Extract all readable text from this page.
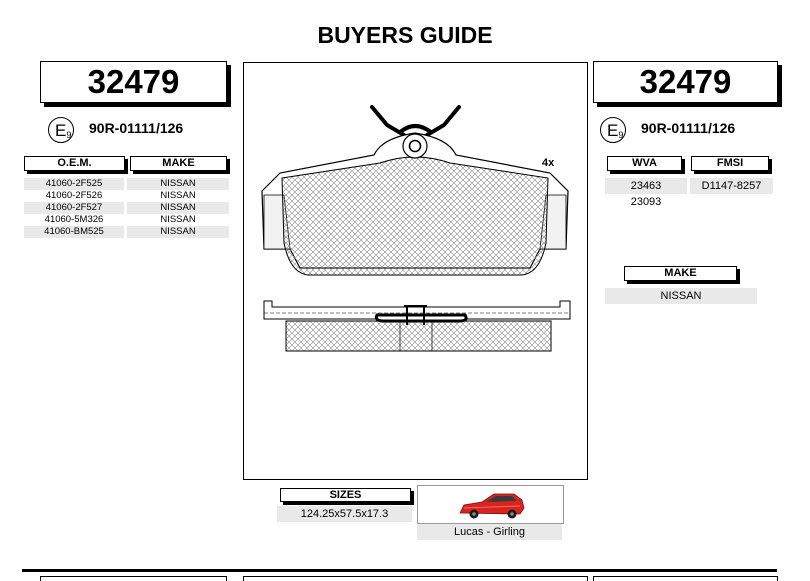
BUYERS GUIDE
32479
$E_9$ 90R-01111/126
O.E.M.	MAKE
41060-2F525	NISSAN
41060-2F526	NISSAN
41060-2F527	NISSAN
41060-5M326	NISSAN
41060-BM525	NISSAN
4x
32479
$E_9$ 90R-01111/126
WVA	FMSI
23463	D1147-8257
23093
MAKE
NISSAN
SIZES
124.25x57.5x17.3
Lucas - Girling
